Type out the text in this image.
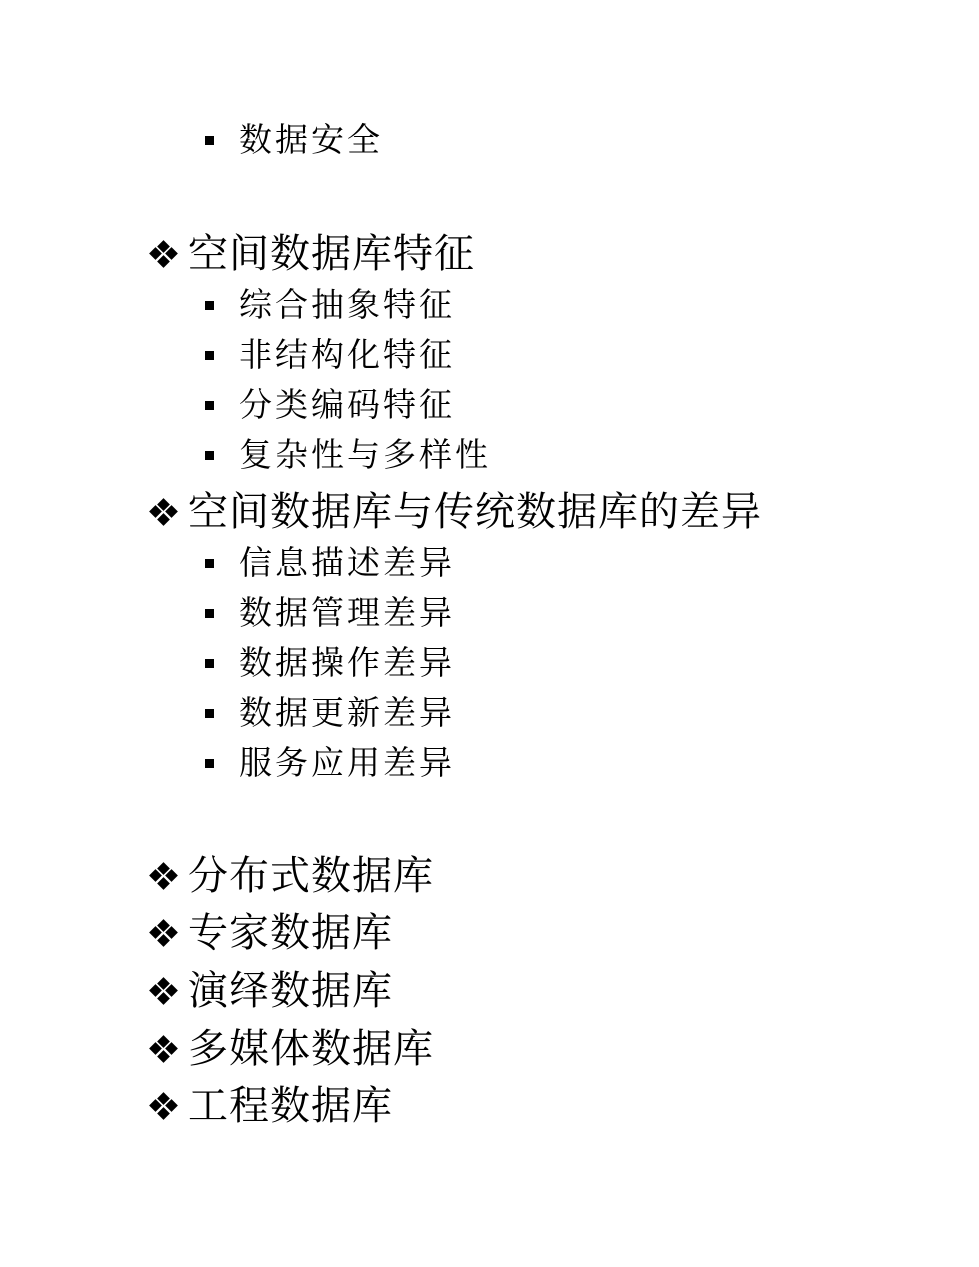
数据安全
空间数据库特征
综合抽象特征
非结构化特征
分类编码特征
复杂性与多样性
空间数据库与传统数据库的差异
信息描述差异
数据管理差异
数据操作差异
数据更新差异
服务应用差异
分布式数据库
专家数据库
演绎数据库
多媒体数据库
工程数据库
